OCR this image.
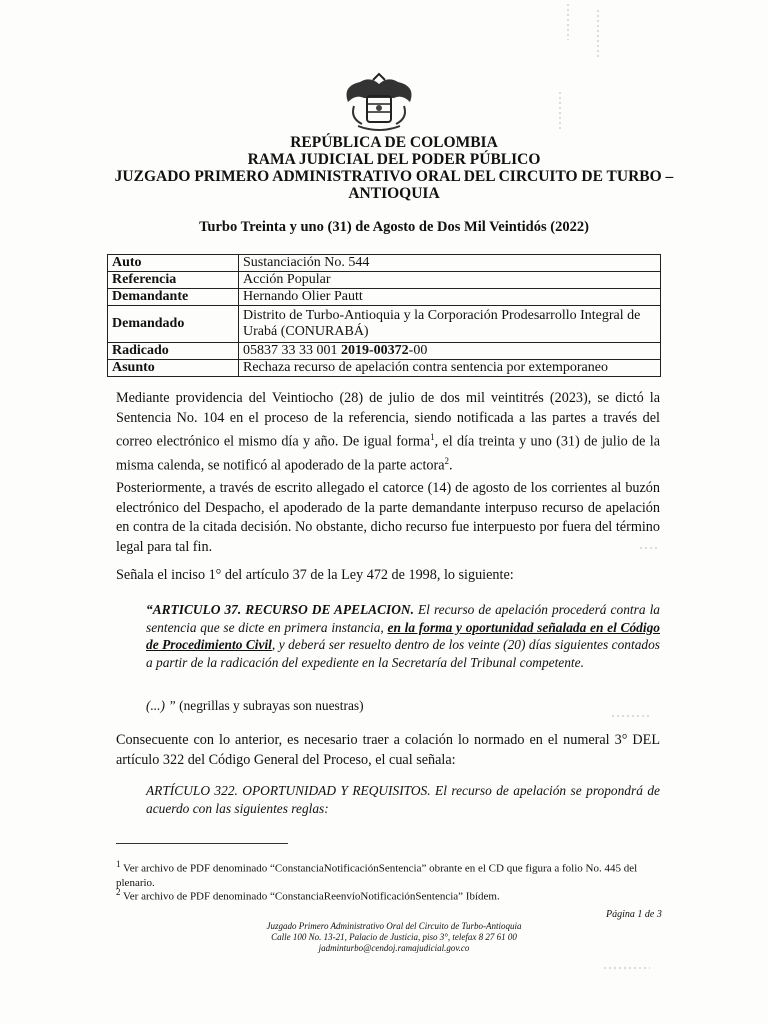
REPÚBLICA DE COLOMBIA
RAMA JUDICIAL DEL PODER PÚBLICO
JUZGADO PRIMERO ADMINISTRATIVO ORAL DEL CIRCUITO DE TURBO –
ANTIOQUIA
Turbo Treinta y uno (31) de Agosto de Dos Mil Veintidós (2022)
Auto	Sustanciación No. 544
Referencia	Acción Popular
Demandante	Hernando Olier Pautt
Demandado	Distrito de Turbo-Antioquia y la Corporación Prodesarrollo Integral de Urabá (CONURABÁ)
Radicado	05837 33 33 001 2019-00372-00
Asunto	Rechaza recurso de apelación contra sentencia por extemporaneo
Mediante providencia del Veintiocho (28) de julio de dos mil veintitrés (2023), se dictó la Sentencia No. 104 en el proceso de la referencia, siendo notificada a las partes a través del correo electrónico el mismo día y año. De igual forma$^1$, el día treinta y uno (31) de julio de la misma calenda, se notificó al apoderado de la parte actora$^2$.
Posteriormente, a través de escrito allegado el catorce (14) de agosto de los corrientes al buzón electrónico del Despacho, el apoderado de la parte demandante interpuso recurso de apelación en contra de la citada decisión. No obstante, dicho recurso fue interpuesto por fuera del término legal para tal fin.
Señala el inciso 1° del artículo 37 de la Ley 472 de 1998, lo siguiente:
“ARTICULO 37. RECURSO DE APELACION. El recurso de apelación procederá contra la sentencia que se dicte en primera instancia, en la forma y oportunidad señalada en el Código de Procedimiento Civil, y deberá ser resuelto dentro de los veinte (20) días siguientes contados a partir de la radicación del expediente en la Secretaría del Tribunal competente.
(...) ” (negrillas y subrayas son nuestras)
Consecuente con lo anterior, es necesario traer a colación lo normado en el numeral 3° DEL artículo 322 del Código General del Proceso, el cual señala:
ARTÍCULO 322. OPORTUNIDAD Y REQUISITOS. El recurso de apelación se propondrá de acuerdo con las siguientes reglas:
$^1$ Ver archivo de PDF denominado “ConstanciaNotificaciónSentencia” obrante en el CD que figura a folio No. 445 del plenario.
$^2$ Ver archivo de PDF denominado “ConstanciaReenvíoNotificaciónSentencia” Ibídem.
Página 1 de 3
Juzgado Primero Administrativo Oral del Circuito de Turbo-Antioquia
Calle 100 No. 13-21, Palacio de Justicia, piso 3°, telefax 8 27 61 00
jadminturbo@cendoj.ramajudicial.gov.co
